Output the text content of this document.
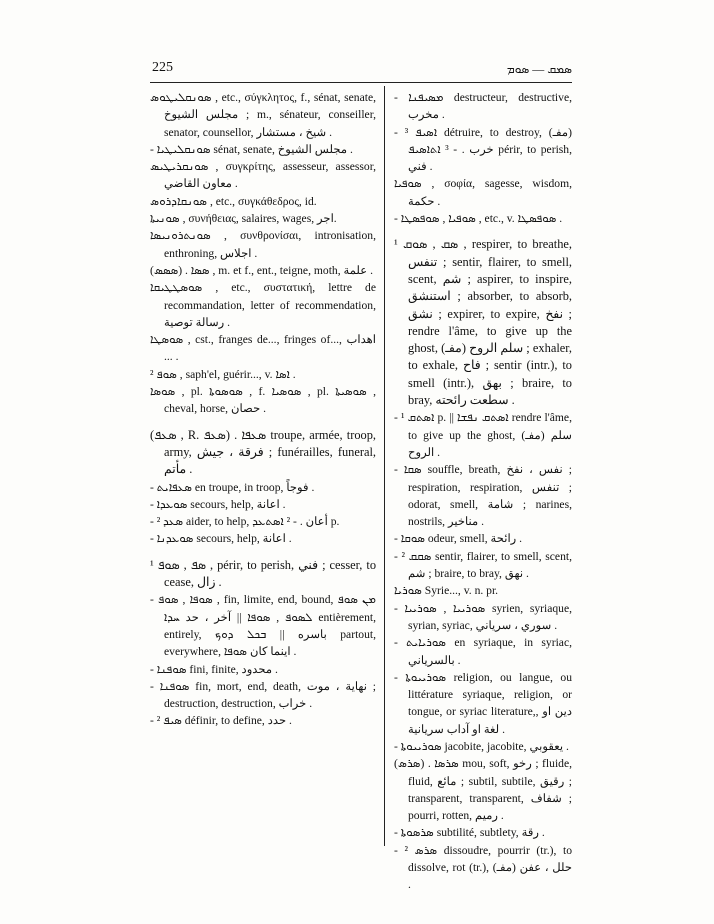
225	ܣܡܩ — ܣܘܡ

ܣܘܢܩܠܝܛܘܣ , etc., σύγκλητος, f., sénat, senate, مجلس الشيوخ ; m., sénateur, conseiller, senator, counsellor, شيخ ، مستشار .

- ܣܘܢܩܠܝܛܝܐ sénat, senate, مجلس الشيوخ .

ܣܘܢܩܪܝܛܝܣ , συγκρίτης, assesseur, assessor, معاون القاضي .

ܣܘܢܩܐܕܪܘܣ , etc., συγκάθεδρος, id.

ܣܘܢܝܬܐ , συνήθειας, salaires, wages, اجر.

ܣܘܢܬܪܘܢܝܣܐ , συνθρονίσαι, intronisation, enthroning, اجلاس .

(ܣܣܣ) . ܣܣܐ , m. et f., ent., teigne, moth, علمة .

ܣܘܣܛܛܝܩܐ , etc., συστατική, lettre de recommandation, letter of recommendation, رسالة توصية .

ܣܘܣܛܐ , cst., franges de..., fringes of..., اهداب ... .

² ܣܘܦ , saph'el, guérir..., v. ܐܣܐ .

ܣܘܣܐ , pl. ܣܘܣܘܬܐ , f. ܣܘܣܝܐ , pl. ܣܘܣܝܬܐ , cheval, horse, حصان .

(ܣܥܦ , R. ܣܥܦ) . ܣܥܦܐ troupe, armée, troop, army, فرقة ، جيش ; funérailles, funeral, مأتم .

- ܣܥܦܐܝܬ en troupe, in troop, فوجاً .

- ܣܘܥܕܐ secours, help, اعانة .

- ² ܣܥܕ aider, to help, أعان . - ² ܐܣܬܥܕ p.

- ܣܘܥܕܢܐ secours, help, اعانة .

¹ ܣܦ , ܣܘܦ , périr, to perish, فني ; cesser, to cease, زال .

- ܣܘܦܐ , ܣܘܦ , fin, limite, end, bound, ܡܢ ܣܘܦ ܠܣܘܦ , ܣܘܦܐ || آخر ، حد ܚܕܐ entièrement, entirely, باسره || ܒܟܠ ܕܘܟ partout, everywhere, اينما كان ܣܘܦܐ .

- ܣܘܦܢܐ fini, finite, محدود .

- ܣܘܦܢܐ fin, mort, end, death, نهاية ، موت ; destruction, destruction, خراب .

- ² ܣܝܦ définir, to define, حدد .

- ܡܣܝܦܢܐ destructeur, destructive, مخرب .

- ³ ܐܣܝܦ détruire, to destroy, (مفـ) خرب . - ³ ܐܬܐܣܝܦ périr, to perish, فني .

ܣܘܦܝܐ , σοφία, sagesse, wisdom, حكمة .

- ܣܘܦܝܐ , ܣܘܦܣܛܐ , etc., v. ܣܘܦܣܛܐ .

¹ ܣܩ , ܣܘܩ , respirer, to breathe, تنفس ; sentir, flairer, to smell, scent, شم ; aspirer, to inspire, استنشق ; absorber, to absorb, نشق ; expirer, to expire, نفخ ; rendre l'âme, to give up the ghost, (مفـ) سلم الروح ; exhaler, to exhale, فاح ; sentir (intr.), to smell (intr.), بهق ; braire, to bray, سطعت رائحته .

- ¹ ܐܣܬܩ p. || ܐܣܬܩ ܢܦܫܐ rendre l'âme, to give up the ghost, (مفـ) سلم الروح .

- ܣܩܐ souffle, breath, نفس ، نفخ ; respiration, respiration, تنفس ; odorat, smell, شامة ; narines, nostrils, مناخير .

- ܣܘܩܐ odeur, smell, رائحة .

- ² ܣܩܩ sentir, flairer, to smell, scent, شم ; braire, to bray, نهق .

ܣܘܪܝܐ Syrie..., v. n. pr.

- ܣܘܪܝܝܐ , ܣܘܪܝܝܐ syrien, syriaque, syrian, syriac, سوري ، سرياني .

- ܣܘܪܝܐܝܬ en syriaque, in syriac, بالسرياني .

- ܣܘܪܝܝܘܬܐ religion, ou langue, ou littérature syriaque, religion, or tongue, or syriac literature,, دين او لغة او آداب سريانية .

- ܣܘܪܝܝܘܬܐ jacobite, jacobite, يعقوبي .

(ܣܪܣ) . ܣܪܣܐ mou, soft, رخو ; fluide, fluid, مائع ; subtil, subtile, رقيق ; transparent, transparent, شفاف ; pourri, rotten, رميم .

- ܣܪܣܘܬܐ subtilité, subtlety, رقة .

- ² ܣܪܣ dissoudre, pourrir (tr.), to dissolve, rot (tr.), (مفـ) حلل ، عفن .
